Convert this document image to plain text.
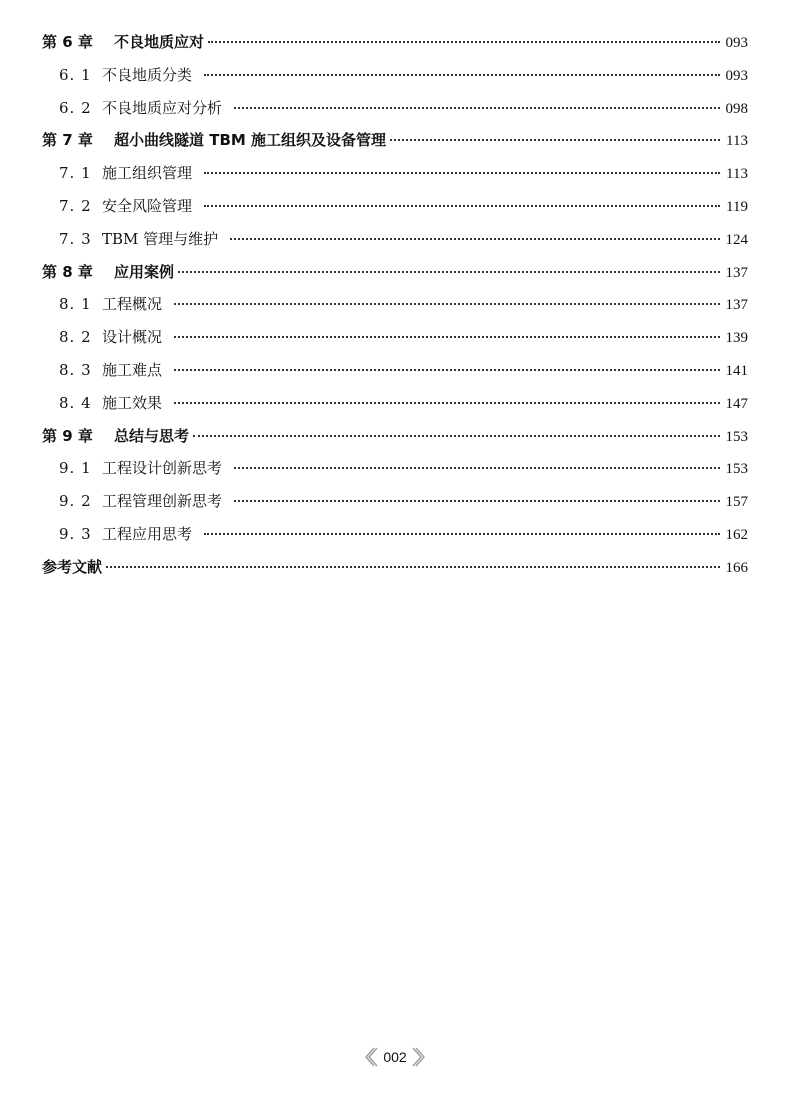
第 6 章	不良地质应对	093
6. 1 不良地质分类	093
6. 2 不良地质应对分析	098
第 7 章	超小曲线隧道 TBM 施工组织及设备管理	113
7. 1 施工组织管理	113
7. 2 安全风险管理	119
7. 3 TBM 管理与维护	124
第 8 章	应用案例	137
8. 1 工程概况	137
8. 2 设计概况	139
8. 3 施工难点	141
8. 4 施工效果	147
第 9 章	总结与思考	153
9. 1 工程设计创新思考	153
9. 2 工程管理创新思考	157
9. 3 工程应用思考	162
参考文献	166
002
